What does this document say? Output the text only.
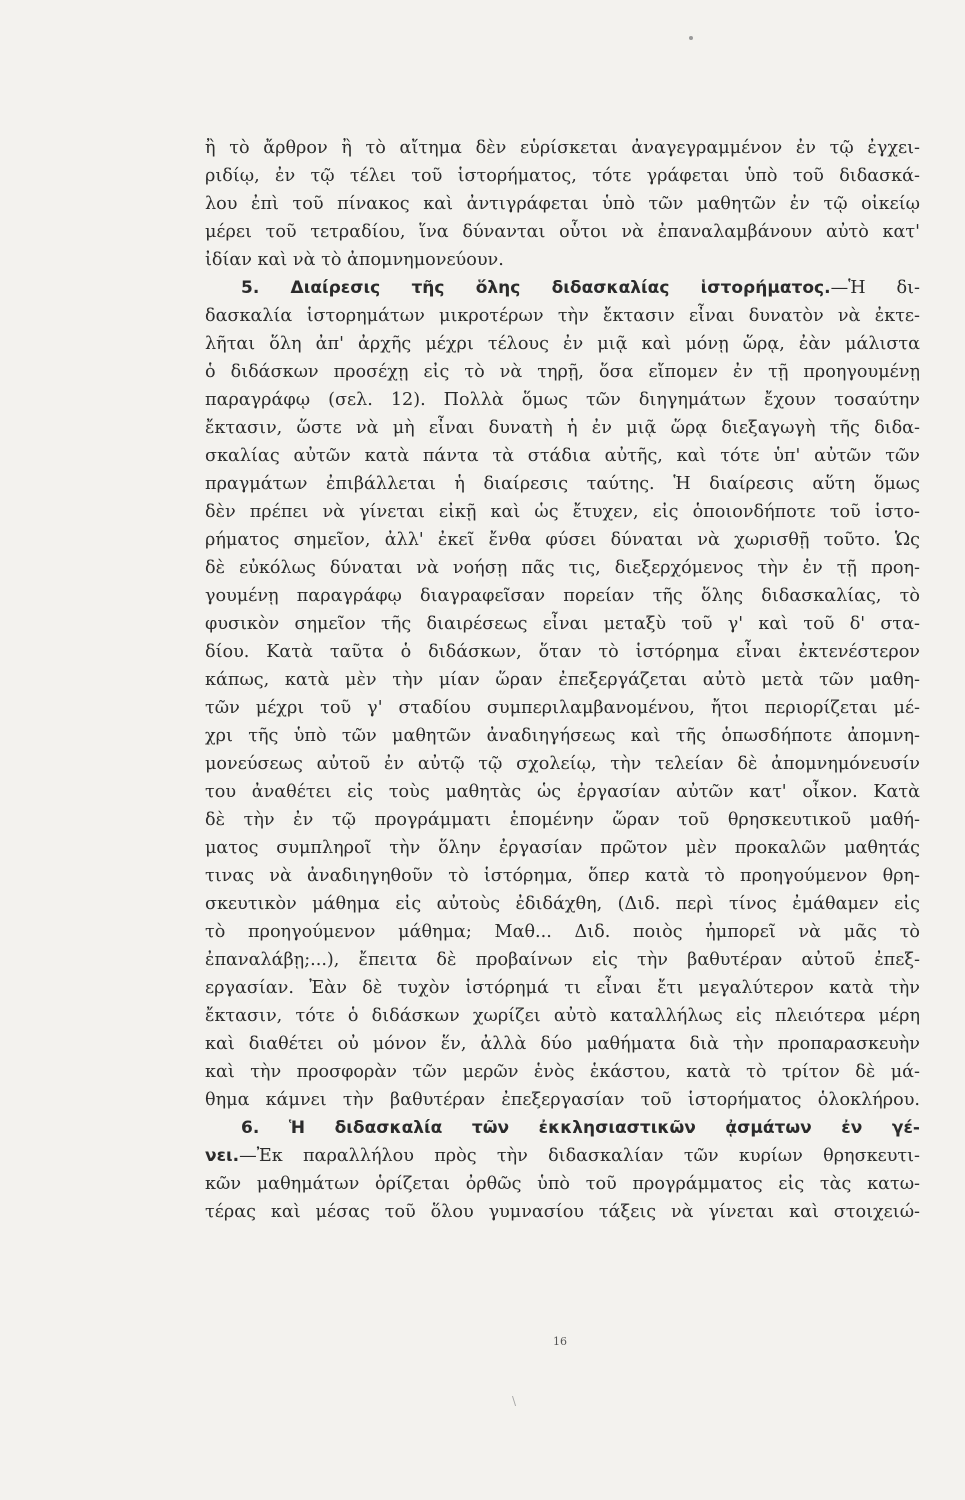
ἢ τὸ ἄρθρον ἢ τὸ αἴτημα δὲν εὑρίσκεται ἀναγεγραμμένον ἐν τῷ ἐγχει-
ριδίῳ, ἐν τῷ τέλει τοῦ ἱστορήματος, τότε γράφεται ὑπὸ τοῦ διδασκά-
λου ἐπὶ τοῦ πίνακος καὶ ἀντιγράφεται ὑπὸ τῶν μαθητῶν ἐν τῷ οἰκείῳ
μέρει τοῦ τετραδίου, ἵνα δύνανται οὗτοι νὰ ἐπαναλαμβάνουν αὐτὸ κατ'
ἰδίαν καὶ νὰ τὸ ἀπομνημονεύουν.
5. Διαίρεσις τῆς ὅλης διδασκαλίας ἱστορήματος.—Ἡ δι-
δασκαλία ἱστορημάτων μικροτέρων τὴν ἔκτασιν εἶναι δυνατὸν νὰ ἐκτε-
λῆται ὅλη ἀπ' ἀρχῆς μέχρι τέλους ἐν μιᾷ καὶ μόνῃ ὥρᾳ, ἐὰν μάλιστα
ὁ διδάσκων προσέχῃ εἰς τὸ νὰ τηρῇ, ὅσα εἴπομεν ἐν τῇ προηγουμένῃ
παραγράφῳ (σελ. 12). Πολλὰ ὅμως τῶν διηγημάτων ἔχουν τοσαύτην
ἔκτασιν, ὥστε νὰ μὴ εἶναι δυνατὴ ἡ ἐν μιᾷ ὥρᾳ διεξαγωγὴ τῆς διδα-
σκαλίας αὐτῶν κατὰ πάντα τὰ στάδια αὐτῆς, καὶ τότε ὑπ' αὐτῶν τῶν
πραγμάτων ἐπιβάλλεται ἡ διαίρεσις ταύτης. Ἡ διαίρεσις αὕτη ὅμως
δὲν πρέπει νὰ γίνεται εἰκῇ καὶ ὡς ἔτυχεν, εἰς ὁποιονδήποτε τοῦ ἱστο-
ρήματος σημεῖον, ἀλλ' ἐκεῖ ἔνθα φύσει δύναται νὰ χωρισθῇ τοῦτο. Ὡς
δὲ εὐκόλως δύναται νὰ νοήσῃ πᾶς τις, διεξερχόμενος τὴν ἐν τῇ προη-
γουμένῃ παραγράφῳ διαγραφεῖσαν πορείαν τῆς ὅλης διδασκαλίας, τὸ
φυσικὸν σημεῖον τῆς διαιρέσεως εἶναι μεταξὺ τοῦ γ' καὶ τοῦ δ' στα-
δίου. Κατὰ ταῦτα ὁ διδάσκων, ὅταν τὸ ἱστόρημα εἶναι ἐκτενέστερον
κάπως, κατὰ μὲν τὴν μίαν ὥραν ἐπεξεργάζεται αὐτὸ μετὰ τῶν μαθη-
τῶν μέχρι τοῦ γ' σταδίου συμπεριλαμβανομένου, ἤτοι περιορίζεται μέ-
χρι τῆς ὑπὸ τῶν μαθητῶν ἀναδιηγήσεως καὶ τῆς ὁπωσδήποτε ἀπομνη-
μονεύσεως αὐτοῦ ἐν αὐτῷ τῷ σχολείῳ, τὴν τελείαν δὲ ἀπομνημόνευσίν
του ἀναθέτει εἰς τοὺς μαθητὰς ὡς ἐργασίαν αὐτῶν κατ' οἶκον. Κατὰ
δὲ τὴν ἐν τῷ προγράμματι ἑπομένην ὥραν τοῦ θρησκευτικοῦ μαθή-
ματος συμπληροῖ τὴν ὅλην ἐργασίαν πρῶτον μὲν προκαλῶν μαθητάς
τινας νὰ ἀναδιηγηθοῦν τὸ ἱστόρημα, ὅπερ κατὰ τὸ προηγούμενον θρη-
σκευτικὸν μάθημα εἰς αὐτοὺς ἐδιδάχθη, (Διδ. περὶ τίνος ἐμάθαμεν εἰς
τὸ προηγούμενον μάθημα; Μαθ... Διδ. ποιὸς ἠμπορεῖ νὰ μᾶς τὸ
ἐπαναλάβῃ;...), ἔπειτα δὲ προβαίνων εἰς τὴν βαθυτέραν αὐτοῦ ἐπεξ-
εργασίαν. Ἐὰν δὲ τυχὸν ἱστόρημά τι εἶναι ἔτι μεγαλύτερον κατὰ τὴν
ἔκτασιν, τότε ὁ διδάσκων χωρίζει αὐτὸ καταλλήλως εἰς πλειότερα μέρη
καὶ διαθέτει οὐ μόνον ἕν, ἀλλὰ δύο μαθήματα διὰ τὴν προπαρασκευὴν
καὶ τὴν προσφορὰν τῶν μερῶν ἑνὸς ἑκάστου, κατὰ τὸ τρίτον δὲ μά-
θημα κάμνει τὴν βαθυτέραν ἐπεξεργασίαν τοῦ ἱστορήματος ὁλοκλήρου.
6. Ἡ διδασκαλία τῶν ἐκκλησιαστικῶν ᾀσμάτων ἐν γέ-
νει.—Ἐκ παραλλήλου πρὸς τὴν διδασκαλίαν τῶν κυρίων θρησκευτι-
κῶν μαθημάτων ὁρίζεται ὀρθῶς ὑπὸ τοῦ προγράμματος εἰς τὰς κατω-
τέρας καὶ μέσας τοῦ ὅλου γυμνασίου τάξεις νὰ γίνεται καὶ στοιχειώ-
16
\
